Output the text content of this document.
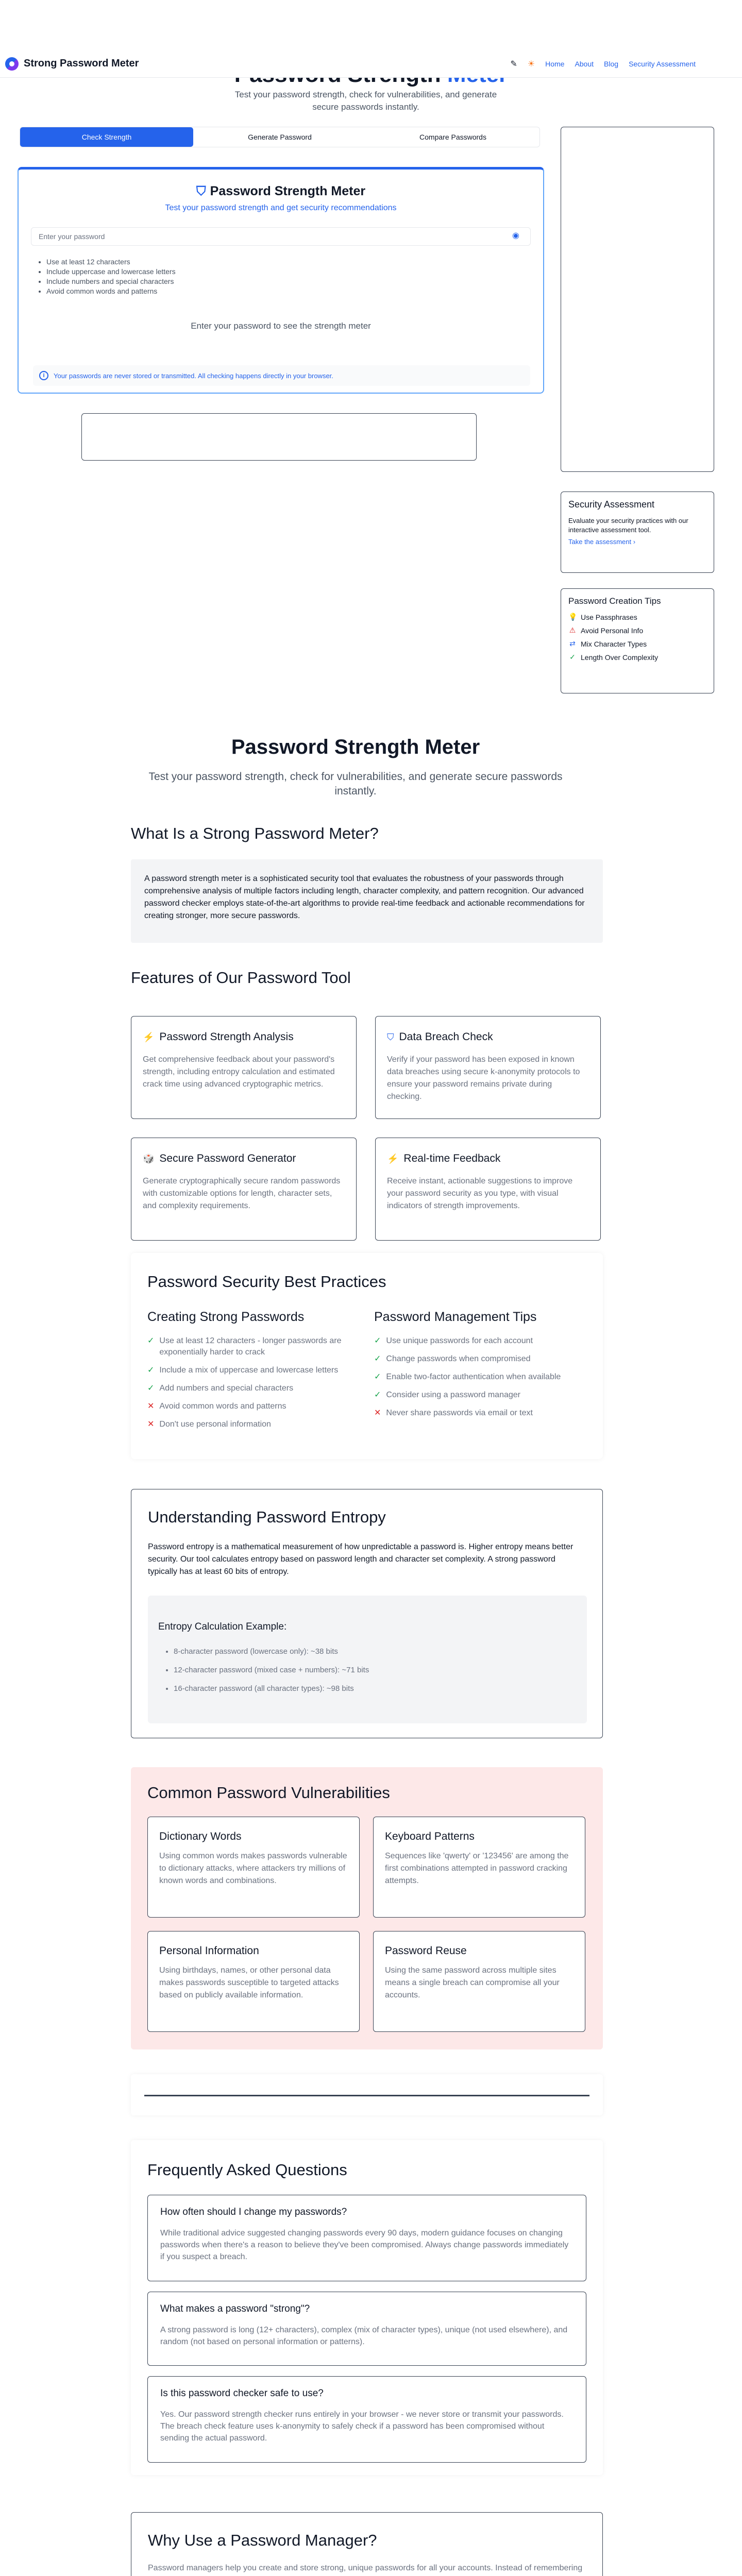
Strong Password Meter	✎ ☀ Home About Blog Security Assessment
Test your password strength, check for vulnerabilities, and generate secure passwords instantly.
Check Strength	Generate Password	Compare Passwords
⛉ Password Strength Meter
Test your password strength and get security recommendations
◉
• Use at least 12 characters
• Include uppercase and lowercase letters
• Include numbers and special characters
• Avoid common words and patterns
Enter your password to see the strength meter
i	Your passwords are never stored or transmitted. All checking happens directly in your browser.
Security Assessment

Evaluate your security practices with our interactive assessment tool.

Take the assessment ›
Password Creation Tips
💡 Use Passphrases
⚠ Avoid Personal Info
⇄ Mix Character Types
✓ Length Over Complexity
Password Strength Meter
Test your password strength, check for vulnerabilities, and generate secure passwords instantly.
What Is a Strong Password Meter?
A password strength meter is a sophisticated security tool that evaluates the robustness of your passwords through comprehensive analysis of multiple factors including length, character complexity, and pattern recognition. Our advanced password checker employs state-of-the-art algorithms to provide real-time feedback and actionable recommendations for creating stronger, more secure passwords.
Features of Our Password Tool
⚡ Password Strength Analysis

Get comprehensive feedback about your password's strength, including entropy calculation and estimated crack time using advanced cryptographic metrics.

⛉ Data Breach Check

Verify if your password has been exposed in known data breaches using secure k-anonymity protocols to ensure your password remains private during checking.

🎲 Secure Password Generator

Generate cryptographically secure random passwords with customizable options for length, character sets, and complexity requirements.

⚡ Real-time Feedback

Receive instant, actionable suggestions to improve your password security as you type, with visual indicators of strength improvements.

Password Security Best Practices
Creating Strong Passwords
✓ Use at least 12 characters - longer passwords are exponentially harder to crack
✓ Include a mix of uppercase and lowercase letters
✓ Add numbers and special characters
✕ Avoid common words and patterns
✕ Don't use personal information
Password Management Tips
✓ Use unique passwords for each account
✓ Change passwords when compromised
✓ Enable two-factor authentication when available
✓ Consider using a password manager
✕ Never share passwords via email or text
Understanding Password Entropy
Password entropy is a mathematical measurement of how unpredictable a password is. Higher entropy means better security. Our tool calculates entropy based on password length and character set complexity. A strong password typically has at least 60 bits of entropy.
Entropy Calculation Example:
• 8-character password (lowercase only): ~38 bits
• 12-character password (mixed case + numbers): ~71 bits
• 16-character password (all character types): ~98 bits
Common Password Vulnerabilities
Dictionary Words

Using common words makes passwords vulnerable to dictionary attacks, where attackers try millions of known words and combinations.

Keyboard Patterns

Sequences like 'qwerty' or '123456' are among the first combinations attempted in password cracking attempts.

Personal Information

Using birthdays, names, or other personal data makes passwords susceptible to targeted attacks based on publicly available information.

Password Reuse

Using the same password across multiple sites means a single breach can compromise all your accounts.

Frequently Asked Questions
How often should I change my passwords?

While traditional advice suggested changing passwords every 90 days, modern guidance focuses on changing passwords when there's a reason to believe they've been compromised. Always change passwords immediately if you suspect a breach.

What makes a password "strong"?

A strong password is long (12+ characters), complex (mix of character types), unique (not used elsewhere), and random (not based on personal information or patterns).

Is this password checker safe to use?

Yes. Our password strength checker runs entirely in your browser - we never store or transmit your passwords. The breach check feature uses k-anonymity to safely check if a password has been compromised without sending the actual password.

Why Use a Password Manager?
Password managers help you create and store strong, unique passwords for all your accounts. Instead of remembering
